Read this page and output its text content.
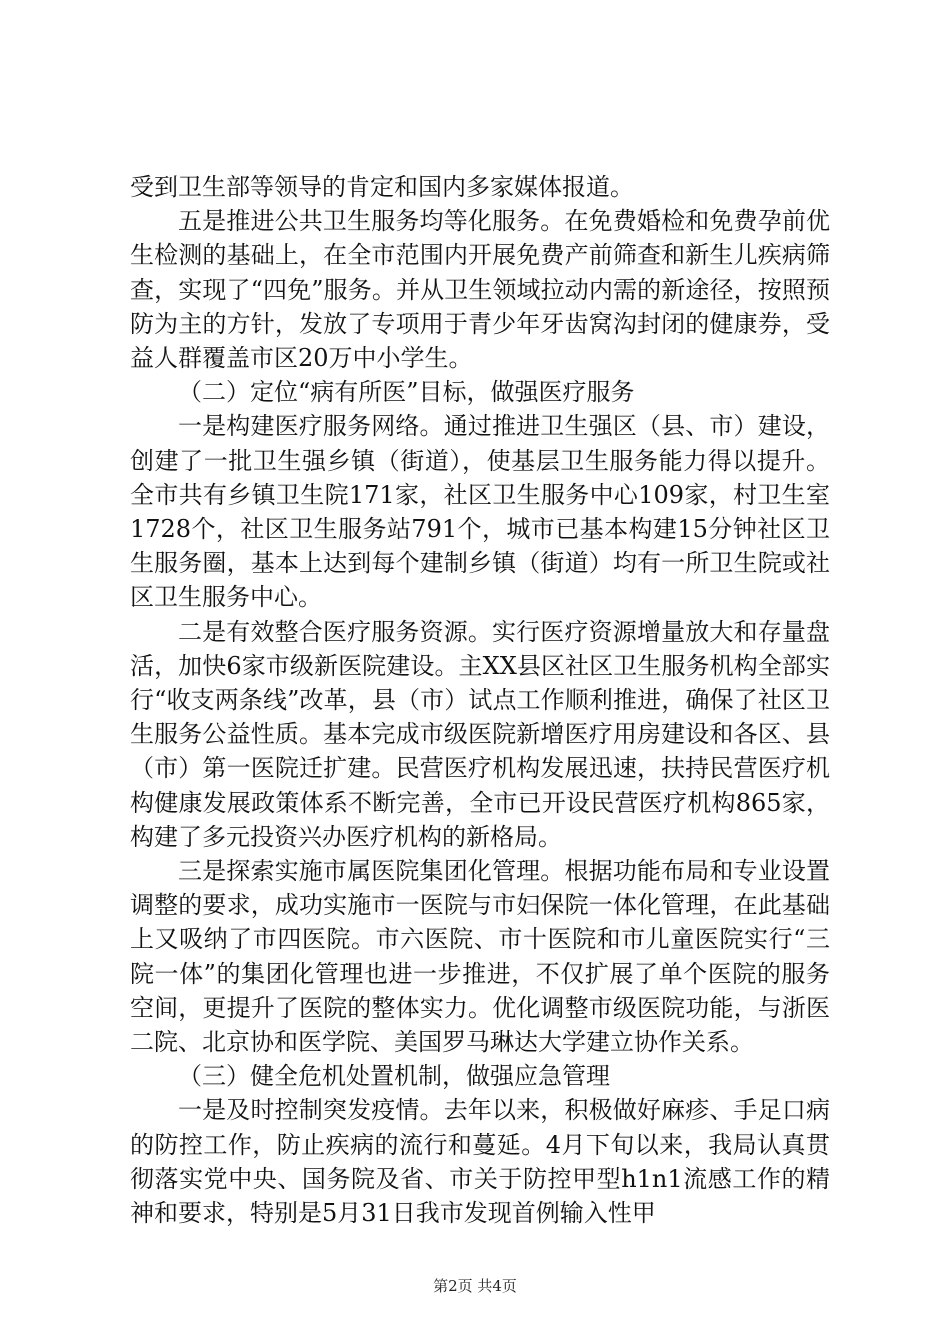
受到卫生部等领导的肯定和国内多家媒体报道。

五是推进公共卫生服务均等化服务。在免费婚检和免费孕前优生检测的基础上，在全市范围内开展免费产前筛查和新生儿疾病筛查，实现了“四免”服务。并从卫生领域拉动内需的新途径，按照预防为主的方针，发放了专项用于青少年牙齿窝沟封闭的健康券，受益人群覆盖市区20万中小学生。

（二）定位“病有所医”目标，做强医疗服务

一是构建医疗服务网络。通过推进卫生强区（县、市）建设，创建了一批卫生强乡镇（街道），使基层卫生服务能力得以提升。全市共有乡镇卫生院171家，社区卫生服务中心109家，村卫生室1728个，社区卫生服务站791个，城市已基本构建15分钟社区卫生服务圈，基本上达到每个建制乡镇（街道）均有一所卫生院或社区卫生服务中心。

二是有效整合医疗服务资源。实行医疗资源增量放大和存量盘活，加快6家市级新医院建设。主XX县区社区卫生服务机构全部实行“收支两条线”改革，县（市）试点工作顺利推进，确保了社区卫生服务公益性质。基本完成市级医院新增医疗用房建设和各区、县（市）第一医院迁扩建。民营医疗机构发展迅速，扶持民营医疗机构健康发展政策体系不断完善，全市已开设民营医疗机构865家，构建了多元投资兴办医疗机构的新格局。

三是探索实施市属医院集团化管理。根据功能布局和专业设置调整的要求，成功实施市一医院与市妇保院一体化管理，在此基础上又吸纳了市四医院。市六医院、市十医院和市儿童医院实行“三院一体”的集团化管理也进一步推进，不仅扩展了单个医院的服务空间，更提升了医院的整体实力。优化调整市级医院功能，与浙医二院、北京协和医学院、美国罗马琳达大学建立协作关系。

（三）健全危机处置机制，做强应急管理

一是及时控制突发疫情。去年以来，积极做好麻疹、手足口病的防控工作，防止疾病的流行和蔓延。4月下旬以来，我局认真贯彻落实党中央、国务院及省、市关于防控甲型h1n1流感工作的精神和要求，特别是5月31日我市发现首例输入性甲

第2页 共4页
